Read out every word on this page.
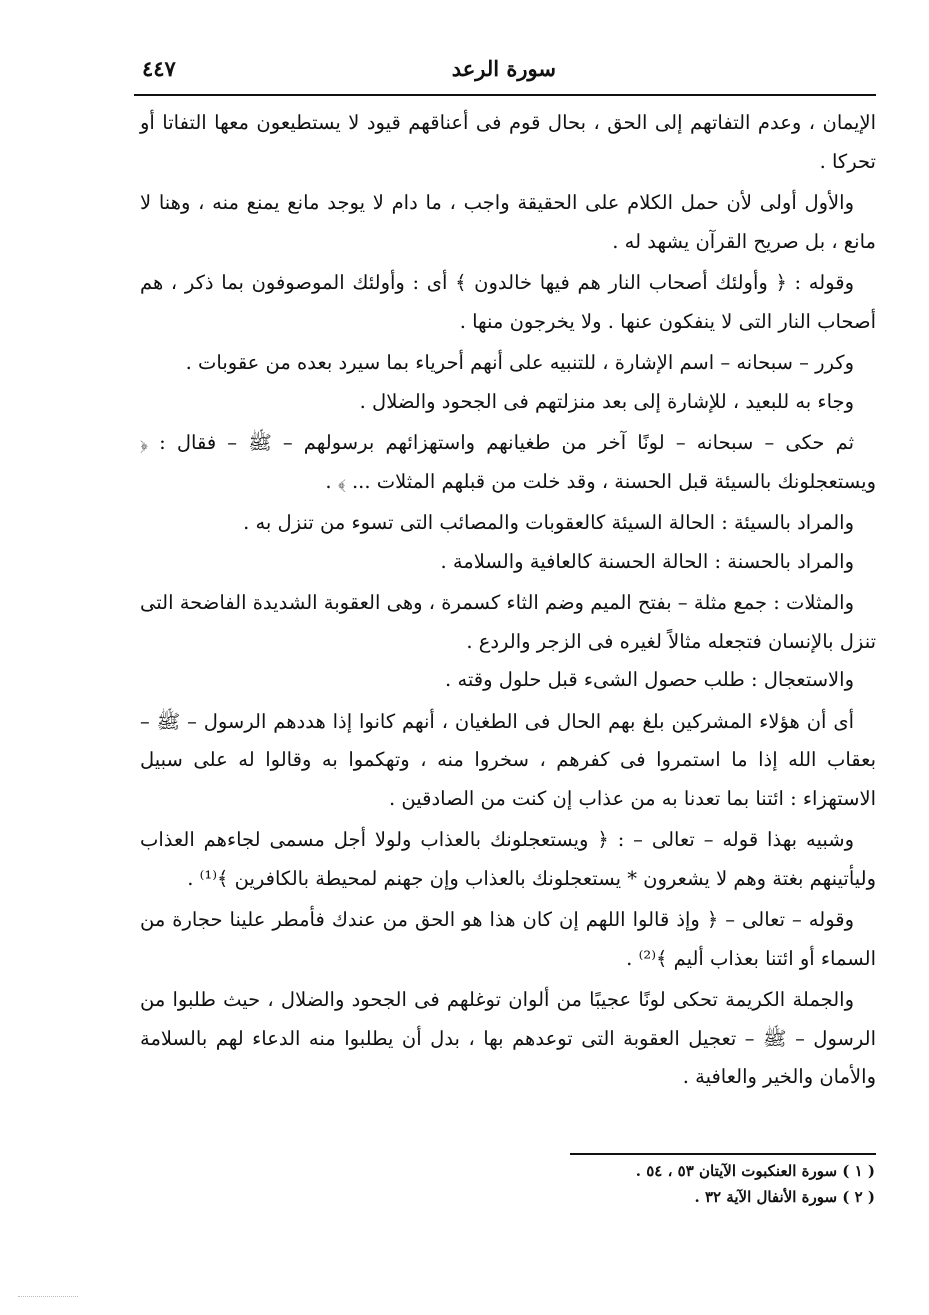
سورة الرعد
٤٤٧

الإيمان ، وعدم التفاتهم إلى الحق ، بحال قوم فى أعناقهم قيود لا يستطيعون معها التفاتا أو تحركا .

والأول أولى لأن حمل الكلام على الحقيقة واجب ، ما دام لا يوجد مانع يمنع منه ، وهنا لا مانع ، بل صريح القرآن يشهد له .

وقوله : ﴿ وأولئك أصحاب النار هم فيها خالدون ﴾ أى : وأولئك الموصوفون بما ذكر ، هم أصحاب النار التى لا ينفكون عنها . ولا يخرجون منها .

وكرر – سبحانه – اسم الإشارة ، للتنبيه على أنهم أحرياء بما سيرد بعده من عقوبات .

وجاء به للبعيد ، للإشارة إلى بعد منزلتهم فى الجحود والضلال .

ثم حكى – سبحانه – لونًا آخر من طغيانهم واستهزائهم برسولهم – ﷺ – فقال : ﴿ ويستعجلونك بالسيئة قبل الحسنة ، وقد خلت من قبلهم المثلات ... ﴾ .

والمراد بالسيئة : الحالة السيئة كالعقوبات والمصائب التى تسوء من تنزل به .

والمراد بالحسنة : الحالة الحسنة كالعافية والسلامة .

والمثلات : جمع مثلة – بفتح الميم وضم الثاء كسمرة ، وهى العقوبة الشديدة الفاضحة التى تنزل بالإنسان فتجعله مثالاً لغيره فى الزجر والردع .

والاستعجال : طلب حصول الشىء قبل حلول وقته .

أى أن هؤلاء المشركين بلغ بهم الحال فى الطغيان ، أنهم كانوا إذا هددهم الرسول – ﷺ – بعقاب الله إذا ما استمروا فى كفرهم ، سخروا منه ، وتهكموا به وقالوا له على سبيل الاستهزاء : ائتنا بما تعدنا به من عذاب إن كنت من الصادقين .

وشبيه بهذا قوله – تعالى – : ﴿ ويستعجلونك بالعذاب ولولا أجل مسمى لجاءهم العذاب وليأتينهم بغتة وهم لا يشعرون * يستعجلونك بالعذاب وإن جهنم لمحيطة بالكافرين ﴾⁽¹⁾ .

وقوله – تعالى – ﴿ وإذ قالوا اللهم إن كان هذا هو الحق من عندك فأمطر علينا حجارة من السماء أو ائتنا بعذاب أليم ﴾⁽²⁾ .

والجملة الكريمة تحكى لونًا عجيبًا من ألوان توغلهم فى الجحود والضلال ، حيث طلبوا من الرسول – ﷺ – تعجيل العقوبة التى توعدهم بها ، بدل أن يطلبوا منه الدعاء لهم بالسلامة والأمان والخير والعافية .

( ١ ) سورة العنكبوت الآيتان ٥٣ ، ٥٤ .
( ٢ ) سورة الأنفال الآية ٣٢ .
